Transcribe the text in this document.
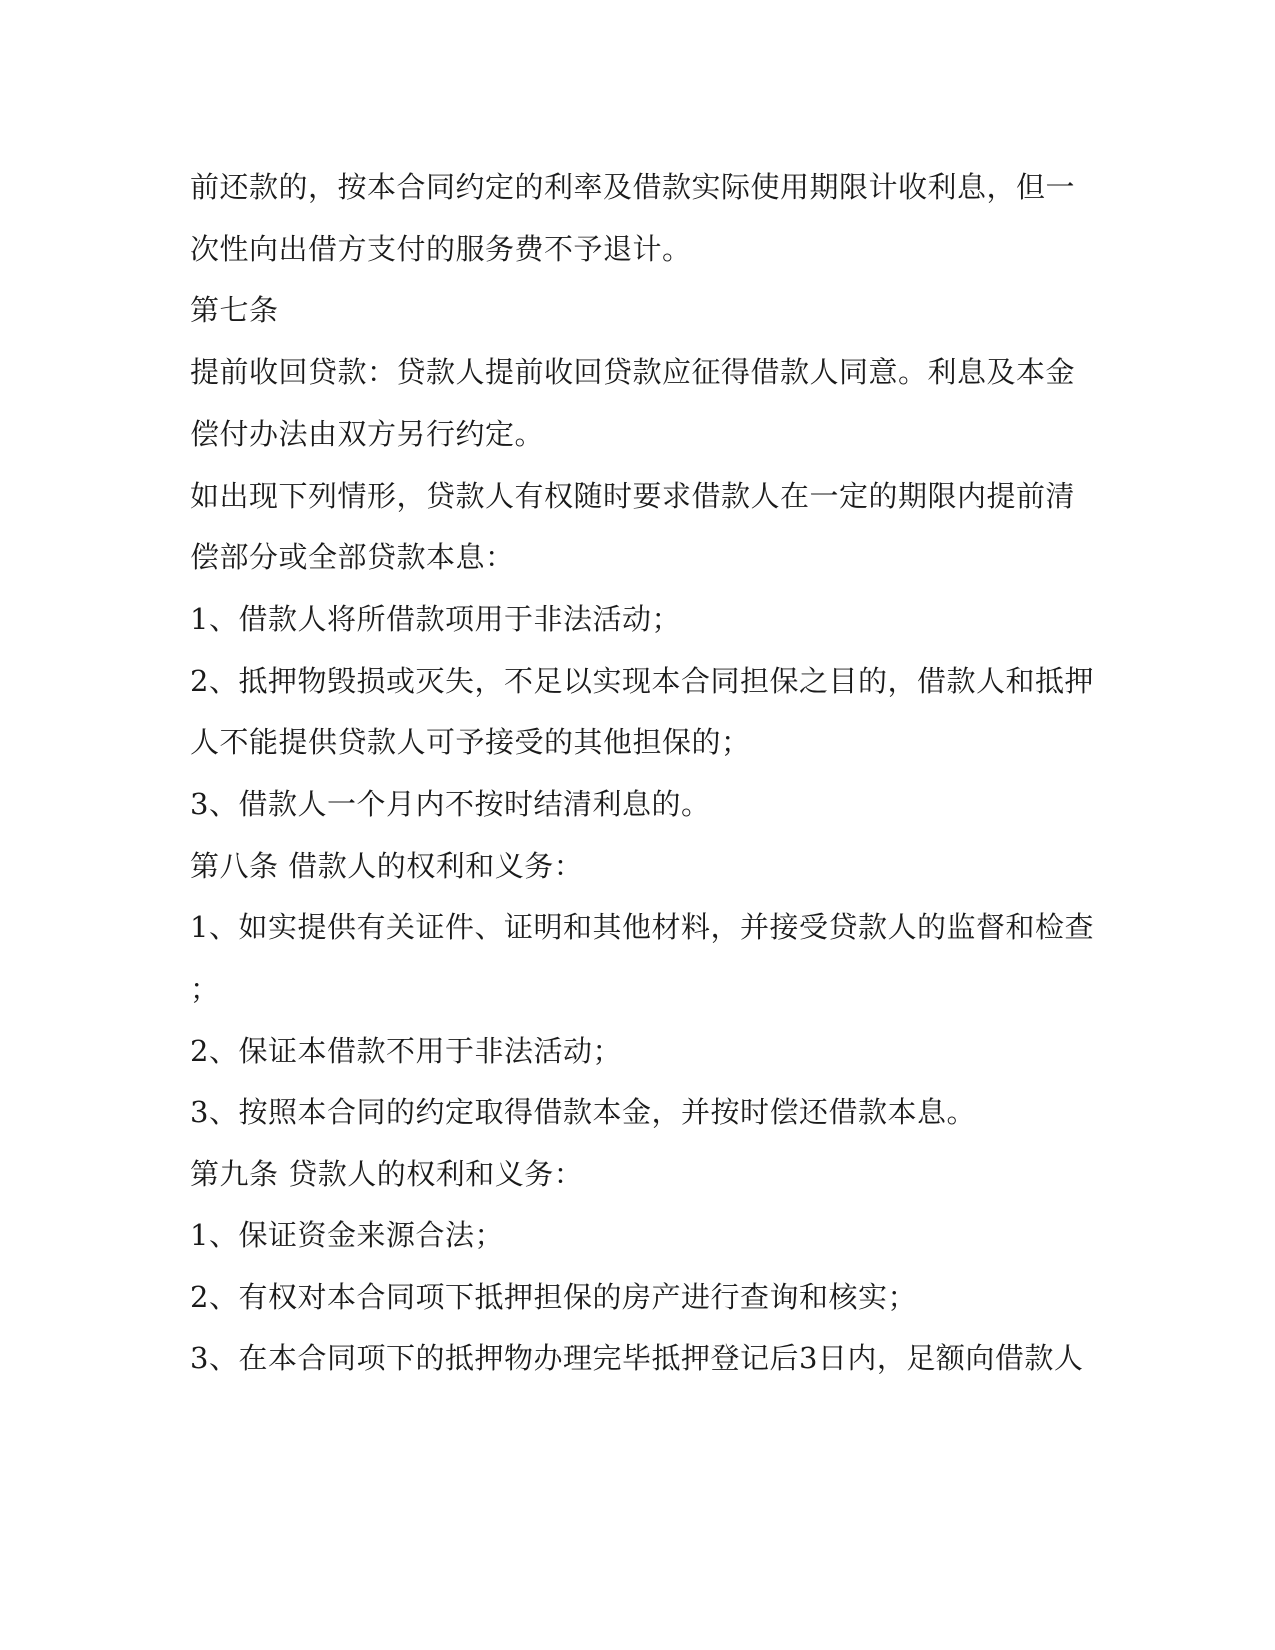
前还款的，按本合同约定的利率及借款实际使用期限计收利息，但一
次性向出借方支付的服务费不予退计。
第七条
提前收回贷款：贷款人提前收回贷款应征得借款人同意。利息及本金
偿付办法由双方另行约定。
如出现下列情形，贷款人有权随时要求借款人在一定的期限内提前清
偿部分或全部贷款本息：
1、借款人将所借款项用于非法活动；
2、抵押物毁损或灭失，不足以实现本合同担保之目的，借款人和抵押
人不能提供贷款人可予接受的其他担保的；
3、借款人一个月内不按时结清利息的。
第八条 借款人的权利和义务：
1、如实提供有关证件、证明和其他材料，并接受贷款人的监督和检查
；
2、保证本借款不用于非法活动；
3、按照本合同的约定取得借款本金，并按时偿还借款本息。
第九条 贷款人的权利和义务：
1、保证资金来源合法；
2、有权对本合同项下抵押担保的房产进行查询和核实；
3、在本合同项下的抵押物办理完毕抵押登记后3日内，足额向借款人
